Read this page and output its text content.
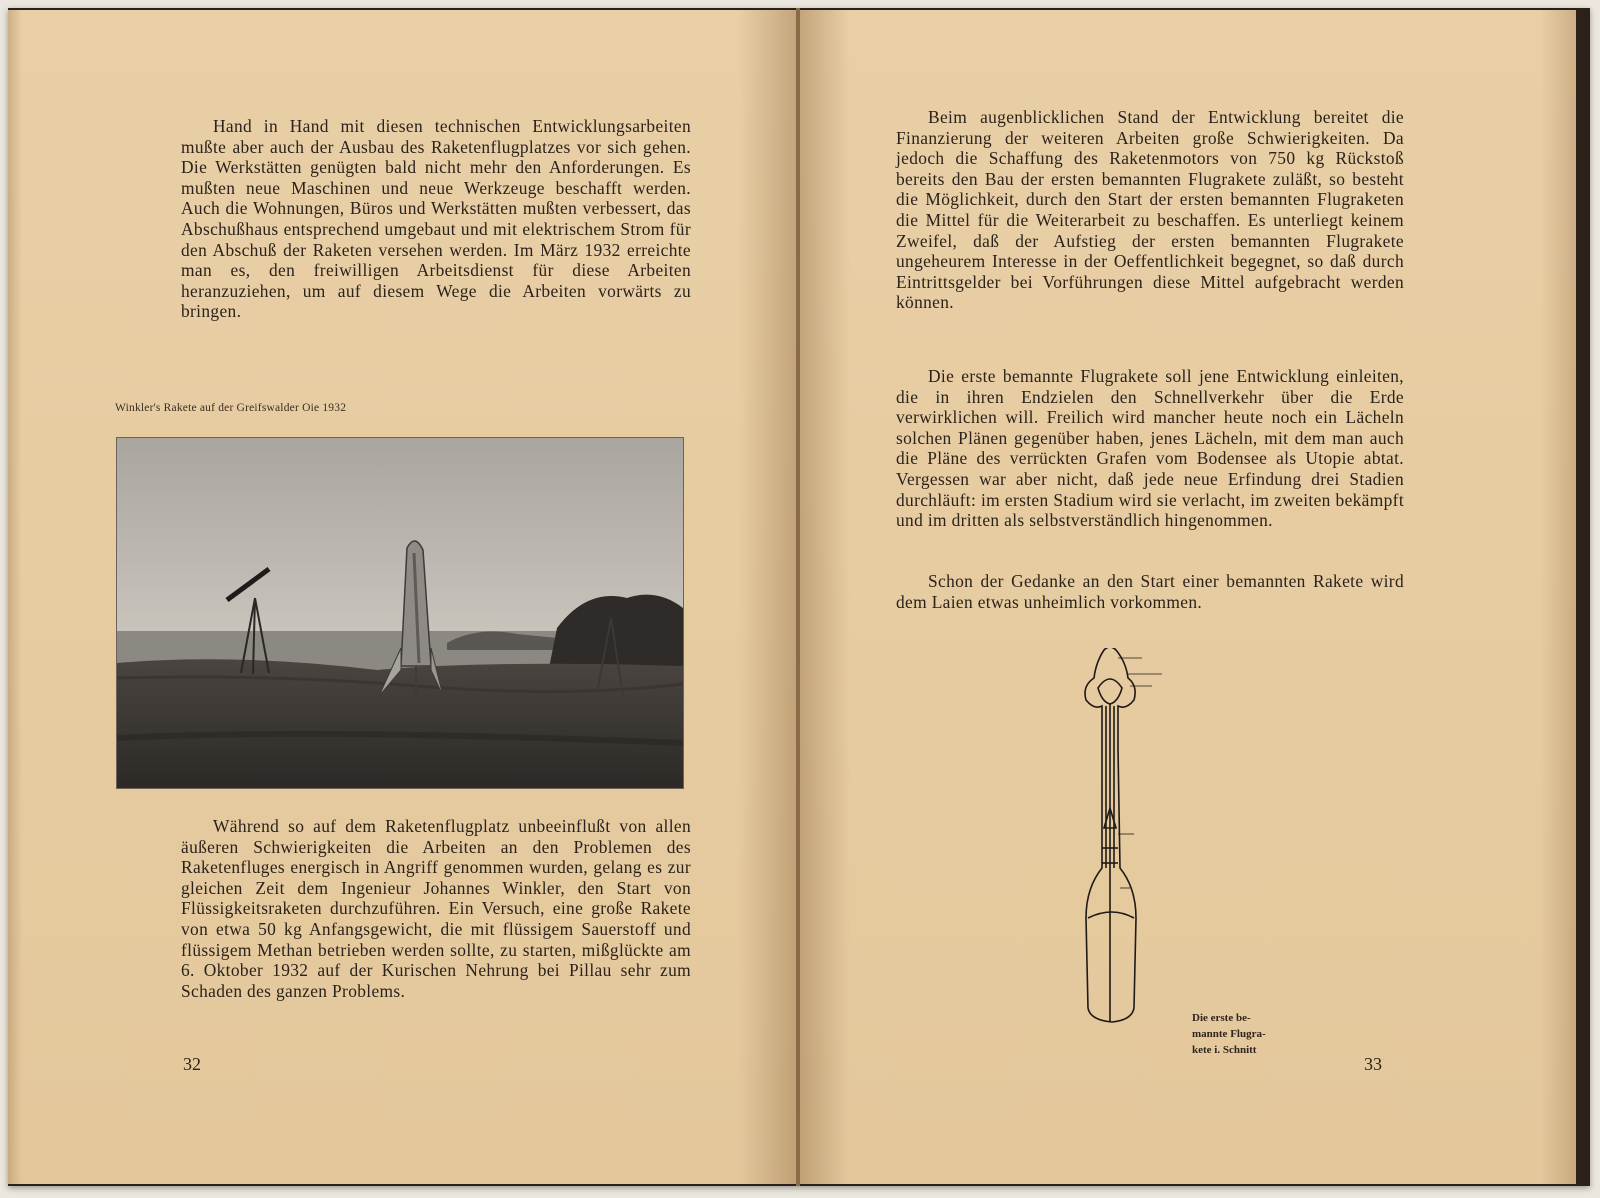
Hand in Hand mit diesen technischen Entwicklungsarbeiten mußte aber auch der Ausbau des Raketenflugplatzes vor sich gehen. Die Werkstätten genügten bald nicht mehr den Anforderungen. Es mußten neue Maschinen und neue Werkzeuge beschafft werden. Auch die Wohnungen, Büros und Werkstätten mußten verbessert, das Abschußhaus entsprechend umgebaut und mit elektrischem Strom für den Abschuß der Raketen versehen werden. Im März 1932 erreichte man es, den freiwilligen Arbeitsdienst für diese Arbeiten heranzuziehen, um auf diesem Wege die Arbeiten vorwärts zu bringen.

Winkler's Rakete auf der Greifswalder Oie 1932

Während so auf dem Raketenflugplatz unbeeinflußt von allen äußeren Schwierigkeiten die Arbeiten an den Problemen des Raketenfluges energisch in Angriff genommen wurden, gelang es zur gleichen Zeit dem Ingenieur Johannes Winkler, den Start von Flüssigkeitsraketen durchzuführen. Ein Versuch, eine große Rakete von etwa 50 kg Anfangsgewicht, die mit flüssigem Sauerstoff und flüssigem Methan betrieben werden sollte, zu starten, mißglückte am 6. Oktober 1932 auf der Kurischen Nehrung bei Pillau sehr zum Schaden des ganzen Problems.

32

Beim augenblicklichen Stand der Entwicklung bereitet die Finanzierung der weiteren Arbeiten große Schwierigkeiten. Da jedoch die Schaffung des Raketenmotors von 750 kg Rückstoß bereits den Bau der ersten bemannten Flugrakete zuläßt, so besteht die Möglichkeit, durch den Start der ersten bemannten Flugraketen die Mittel für die Weiterarbeit zu beschaffen. Es unterliegt keinem Zweifel, daß der Aufstieg der ersten bemannten Flugrakete ungeheurem Interesse in der Oeffentlichkeit begegnet, so daß durch Eintrittsgelder bei Vorführungen diese Mittel aufgebracht werden können.

Die erste bemannte Flugrakete soll jene Entwicklung einleiten, die in ihren Endzielen den Schnellverkehr über die Erde verwirklichen will. Freilich wird mancher heute noch ein Lächeln solchen Plänen gegenüber haben, jenes Lächeln, mit dem man auch die Pläne des verrückten Grafen vom Bodensee als Utopie abtat. Vergessen war aber nicht, daß jede neue Erfindung drei Stadien durchläuft: im ersten Stadium wird sie verlacht, im zweiten bekämpft und im dritten als selbstverständlich hingenommen.

Schon der Gedanke an den Start einer bemannten Rakete wird dem Laien etwas unheimlich vorkommen.

Die erste be-
mannte Flugra-
kete i. Schnitt

33
